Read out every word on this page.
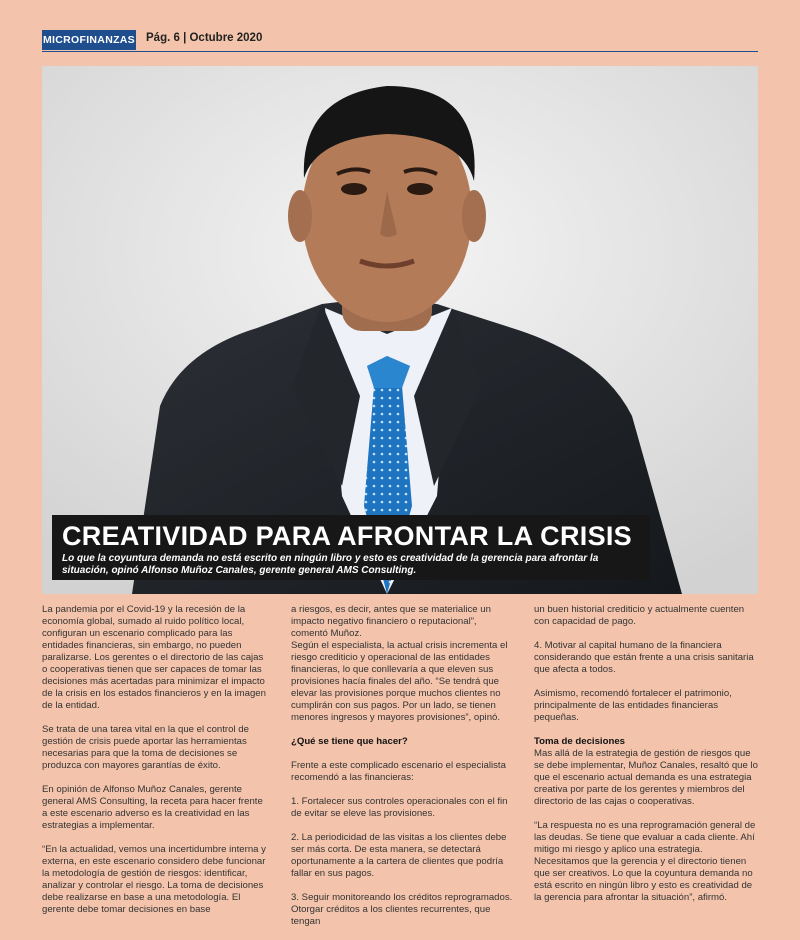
MICROFINANZAS Pág. 6 | Octubre 2020
CREATIVIDAD PARA AFRONTAR LA CRISIS
Lo que la coyuntura demanda no está escrito en ningún libro y esto es creatividad de la gerencia para afrontar la situación, opinó Alfonso Muñoz Canales, gerente general AMS Consulting.

La pandemia por el Covid-19 y la recesión de la economía global, sumado al ruido político local, configuran un escenario complicado para las entidades financieras, sin embargo, no pueden paralizarse. Los gerentes o el directorio de las cajas o cooperativas tienen que ser capaces de tomar las decisiones más acertadas para minimizar el impacto de la crisis en los estados financieros y en la imagen de la entidad.

Se trata de una tarea vital en la que el control de gestión de crisis puede aportar las herramientas necesarias para que la toma de decisiones se produzca con mayores garantías de éxito.

En opinión de Alfonso Muñoz Canales, gerente general AMS Consulting, la receta para hacer frente a este escenario adverso es la creatividad en las estrategias a implementar.

“En la actualidad, vemos una incertidumbre interna y externa, en este escenario considero debe funcionar la metodología de gestión de riesgos: identificar, analizar y controlar el riesgo. La toma de decisiones debe realizarse en base a una metodología. El gerente debe tomar decisiones en base

a riesgos, es decir, antes que se materialice un impacto negativo financiero o reputacional”, comentó Muñoz.

Según el especialista, la actual crisis incrementa el riesgo crediticio y operacional de las entidades financieras, lo que conllevaría a que eleven sus provisiones hacía finales del año. “Se tendrá que elevar las provisiones porque muchos clientes no cumplirán con sus pagos. Por un lado, se tienen menores ingresos y mayores provisiones”, opinó.

¿Qué se tiene que hacer?

Frente a este complicado escenario el especialista recomendó a las financieras:

1. Fortalecer sus controles operacionales con el fin de evitar se eleve las provisiones.

2. La periodicidad de las visitas a los clientes debe ser más corta. De esta manera, se detectará oportunamente a la cartera de clientes que podría fallar en sus pagos.

3. Seguir monitoreando los créditos reprogramados. Otorgar créditos a los clientes recurrentes, que tengan

un buen historial crediticio y actualmente cuenten con capacidad de pago.

4. Motivar al capital humano de la financiera considerando que están frente a una crisis sanitaria que afecta a todos.

Asimismo, recomendó fortalecer el patrimonio, principalmente de las entidades financieras pequeñas.

Toma de decisiones

Mas allá de la estrategia de gestión de riesgos que se debe implementar, Muñoz Canales, resaltó que lo que el escenario actual demanda es una estrategia creativa por parte de los gerentes y miembros del directorio de las cajas o cooperativas.

“La respuesta no es una reprogramación general de las deudas. Se tiene que evaluar a cada cliente. Ahí mitigo mi riesgo y aplico una estrategia.

Necesitamos que la gerencia y el directorio tienen que ser creativos. Lo que la coyuntura demanda no está escrito en ningún libro y esto es creatividad de la gerencia para afrontar la situación”, afirmó.
